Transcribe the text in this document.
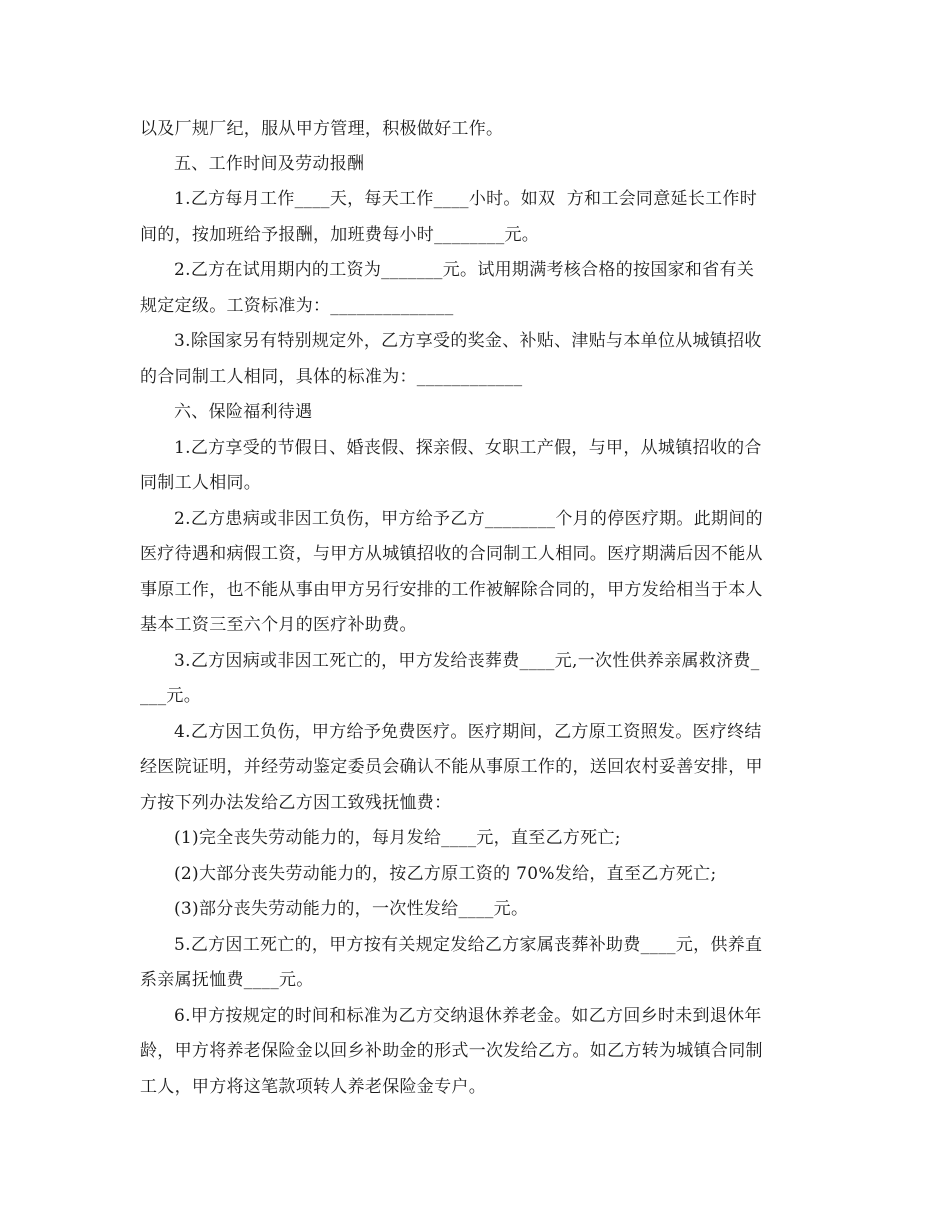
以及厂规厂纪，服从甲方管理，积极做好工作。
五、工作时间及劳动报酬
1.乙方每月工作____天，每天工作____小时。如双  方和工会同意延长工作时
间的，按加班给予报酬，加班费每小时________元。
2.乙方在试用期内的工资为_______元。试用期满考核合格的按国家和省有关
规定定级。工资标准为：______________
3.除国家另有特别规定外，乙方享受的奖金、补贴、津贴与本单位从城镇招收
的合同制工人相同，具体的标准为：____________
六、保险福利待遇
1.乙方享受的节假日、婚丧假、探亲假、女职工产假，与甲，从城镇招收的合
同制工人相同。
2.乙方患病或非因工负伤，甲方给予乙方________个月的停医疗期。此期间的
医疗待遇和病假工资，与甲方从城镇招收的合同制工人相同。医疗期满后因不能从
事原工作，也不能从事由甲方另行安排的工作被解除合同的，甲方发给相当于本人
基本工资三至六个月的医疗补助费。
3.乙方因病或非因工死亡的，甲方发给丧葬费____元,一次性供养亲属救济费_
___元。
4.乙方因工负伤，甲方给予免费医疗。医疗期间，乙方原工资照发。医疗终结
经医院证明，并经劳动鉴定委员会确认不能从事原工作的，送回农村妥善安排，甲
方按下列办法发给乙方因工致残抚恤费：
(1)完全丧失劳动能力的，每月发给____元，直至乙方死亡;
(2)大部分丧失劳动能力的，按乙方原工资的 70%发给，直至乙方死亡;
(3)部分丧失劳动能力的，一次性发给____元。
5.乙方因工死亡的，甲方按有关规定发给乙方家属丧葬补助费____元，供养直
系亲属抚恤费____元。
6.甲方按规定的时间和标准为乙方交纳退休养老金。如乙方回乡时未到退休年
龄，甲方将养老保险金以回乡补助金的形式一次发给乙方。如乙方转为城镇合同制
工人，甲方将这笔款项转人养老保险金专户。
